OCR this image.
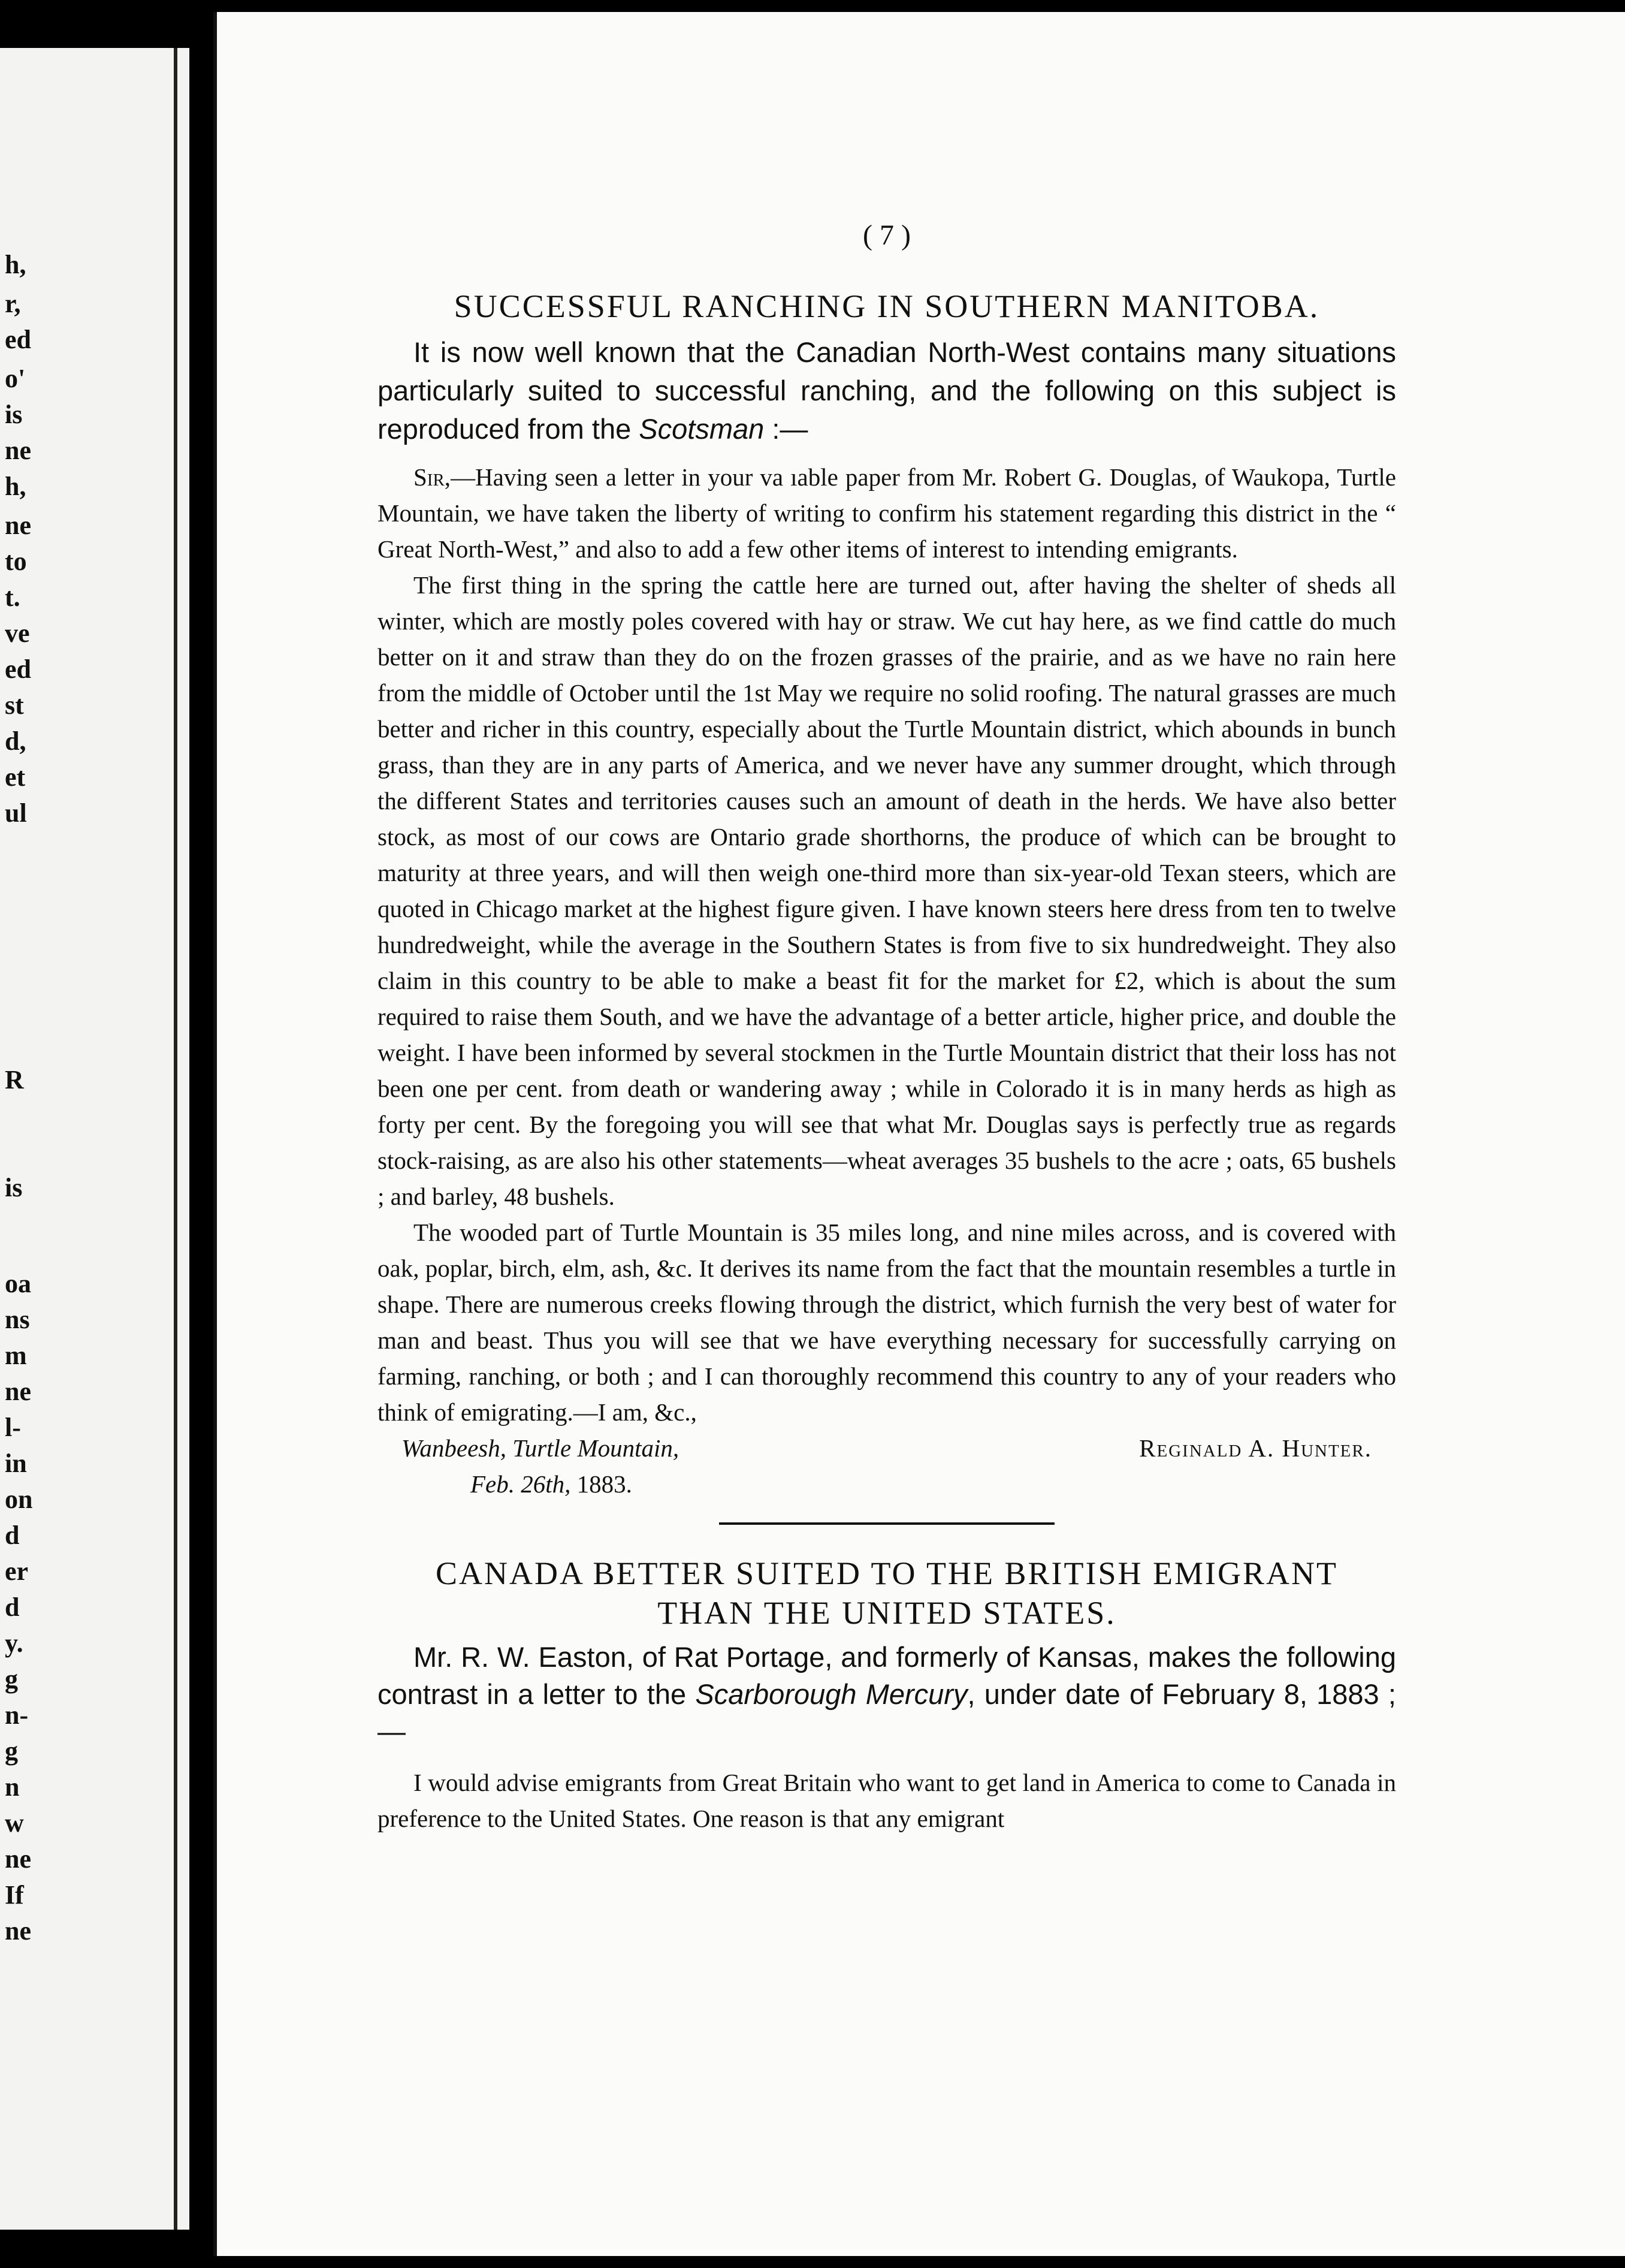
h,
r,
ed
o'
is
ne
h,
ne
to
t.
ve
ed
st
d,
et
ul
R
is
oa
ns
m
ne
l-
in
on
d
er
d
y.
g
n-
g
n
w
ne
If
ne
( 7 )
SUCCESSFUL RANCHING IN SOUTHERN MANITOBA.

It is now well known that the Canadian North-West contains many situations particularly suited to successful ranching, and the following on this subject is reproduced from the Scotsman :—

Sir,—Having seen a letter in your va ıable paper from Mr. Robert G. Douglas, of Waukopa, Turtle Mountain, we have taken the liberty of writing to confirm his statement regarding this district in the “ Great North-West,” and also to add a few other items of interest to intending emigrants.

The first thing in the spring the cattle here are turned out, after having the shelter of sheds all winter, which are mostly poles covered with hay or straw. We cut hay here, as we find cattle do much better on it and straw than they do on the frozen grasses of the prairie, and as we have no rain here from the middle of October until the 1st May we require no solid roofing. The natural grasses are much better and richer in this country, especially about the Turtle Mountain district, which abounds in bunch grass, than they are in any parts of America, and we never have any summer drought, which through the different States and territories causes such an amount of death in the herds. We have also better stock, as most of our cows are Ontario grade shorthorns, the produce of which can be brought to maturity at three years, and will then weigh one-third more than six-year-old Texan steers, which are quoted in Chicago market at the highest figure given. I have known steers here dress from ten to twelve hundredweight, while the average in the Southern States is from five to six hundredweight. They also claim in this country to be able to make a beast fit for the market for £2, which is about the sum required to raise them South, and we have the advantage of a better article, higher price, and double the weight. I have been informed by several stockmen in the Turtle Mountain district that their loss has not been one per cent. from death or wandering away ; while in Colorado it is in many herds as high as forty per cent. By the foregoing you will see that what Mr. Douglas says is perfectly true as regards stock-raising, as are also his other statements—wheat averages 35 bushels to the acre ; oats, 65 bushels ; and barley, 48 bushels.

The wooded part of Turtle Mountain is 35 miles long, and nine miles across, and is covered with oak, poplar, birch, elm, ash, &c. It derives its name from the fact that the mountain resembles a turtle in shape. There are numerous creeks flowing through the district, which furnish the very best of water for man and beast. Thus you will see that we have everything necessary for successfully carrying on farming, ranching, or both ; and I can thoroughly recommend this country to any of your readers who think of emigrating.—I am, &c.,

Wanbeesh, Turtle Mountain,
Feb. 26th, 1883.
Reginald A. Hunter.
CANADA BETTER SUITED TO THE BRITISH EMIGRANT
THAN THE UNITED STATES.

Mr. R. W. Easton, of Rat Portage, and formerly of Kansas, makes the following contrast in a letter to the Scarborough Mercury, under date of February 8, 1883 ;—

I would advise emigrants from Great Britain who want to get land in America to come to Canada in preference to the United States. One reason is that any emigrant
